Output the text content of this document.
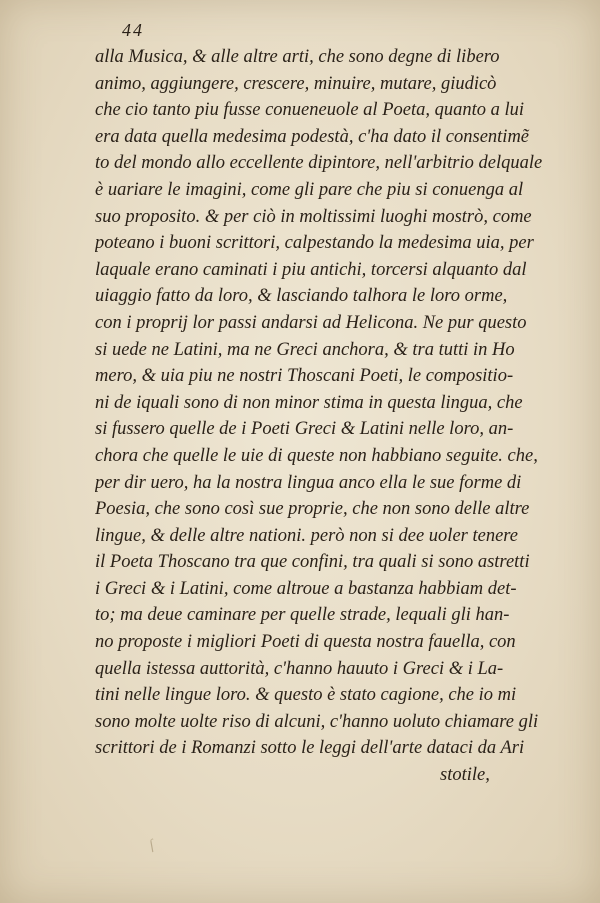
44
alla Musica, & alle altre arti, che sono degne di libero
animo, aggiungere, crescere, minuire, mutare, giudicò
che cio tanto piu fusse conueneuole al Poeta, quanto a lui
era data quella medesima podestà, c'ha dato il consentimẽ
to del mondo allo eccellente dipintore, nell'arbitrio delquale
è uariare le imagini, come gli pare che piu si conuenga al
suo proposito. & per ciò in moltissimi luoghi mostrò, come
poteano i buoni scrittori, calpestando la medesima uia, per
laquale erano caminati i piu antichi, torcersi alquanto dal
uiaggio fatto da loro, & lasciando talhora le loro orme,
con i proprij lor passi andarsi ad Helicona. Ne pur questo
si uede ne Latini, ma ne Greci anchora, & tra tutti in Ho
mero, & uia piu ne nostri Thoscani Poeti, le compositio-
ni de iquali sono di non minor stima in questa lingua, che
si fussero quelle de i Poeti Greci & Latini nelle loro, an-
chora che quelle le uie di queste non habbiano seguite. che,
per dir uero, ha la nostra lingua anco ella le sue forme di
Poesia, che sono così sue proprie, che non sono delle altre
lingue, & delle altre nationi. però non si dee uoler tenere
il Poeta Thoscano tra que confini, tra quali si sono astretti
i Greci & i Latini, come altroue a bastanza habbiam det-
to; ma deue caminare per quelle strade, lequali gli han-
no proposte i migliori Poeti di questa nostra fauella, con
quella istessa auttorità, c'hanno hauuto i Greci & i La-
tini nelle lingue loro. & questo è stato cagione, che io mi
sono molte uolte riso di alcuni, c'hanno uoluto chiamare gli
scrittori de i Romanzi sotto le leggi dell'arte dataci da Ari
stotile,
ſ
